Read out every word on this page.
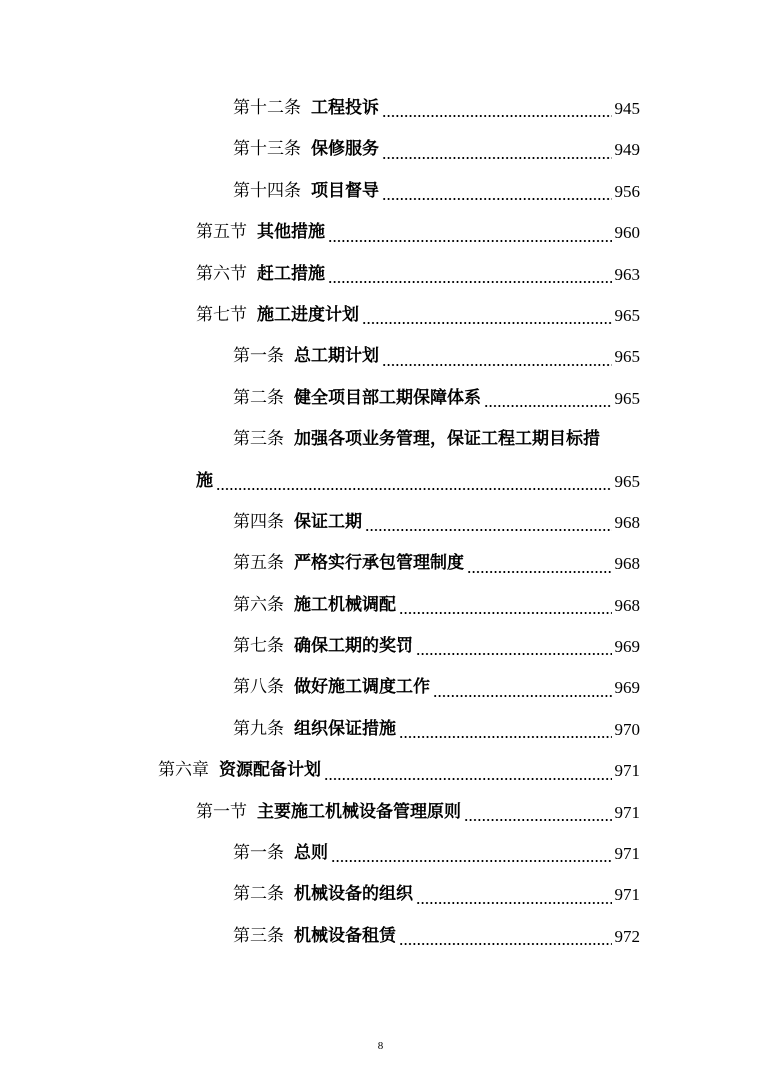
第十二条 工程投诉	945
第十三条 保修服务	949
第十四条 项目督导	956
第五节 其他措施	960
第六节 赶工措施	963
第七节 施工进度计划	965
第一条 总工期计划	965
第二条 健全项目部工期保障体系	965
第三条 加强各项业务管理，保证工程工期目标措
施	965
第四条 保证工期	968
第五条 严格实行承包管理制度	968
第六条 施工机械调配	968
第七条 确保工期的奖罚	969
第八条 做好施工调度工作	969
第九条 组织保证措施	970
第六章 资源配备计划	971
第一节 主要施工机械设备管理原则	971
第一条 总则	971
第二条 机械设备的组织	971
第三条 机械设备租赁	972
8
